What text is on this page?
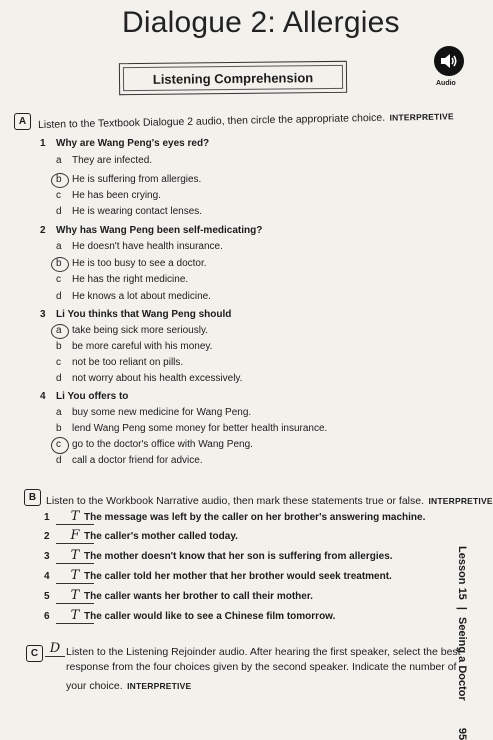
Dialogue 2: Allergies
Audio
Listening Comprehension
A	Listen to the Textbook Dialogue 2 audio, then circle the appropriate choice. INTERPRETIVE
1 Why are Wang Peng's eyes red?
a They are infected.
b He is suffering from allergies.
c He has been crying.
d He is wearing contact lenses.
2 Why has Wang Peng been self-medicating?
a He doesn't have health insurance.
b He is too busy to see a doctor.
c He has the right medicine.
d He knows a lot about medicine.
3 Li You thinks that Wang Peng should
a take being sick more seriously.
b be more careful with his money.
c not be too reliant on pills.
d not worry about his health excessively.
4 Li You offers to
a buy some new medicine for Wang Peng.
b lend Wang Peng some money for better health insurance.
c go to the doctor's office with Wang Peng.
d call a doctor friend for advice.
B Listen to the Workbook Narrative audio, then mark these statements true or false. INTERPRETIVE
1	T The message was left by the caller on her brother's answering machine.
2	F The caller's mother called today.
3	T The mother doesn't know that her son is suffering from allergies.
4	T The caller told her mother that her brother would seek treatment.
5	T The caller wants her brother to call their mother.
6	T The caller would like to see a Chinese film tomorrow.
C D Listen to the Listening Rejoinder audio. After hearing the first speaker, select the best
response from the four choices given by the second speaker. Indicate the number of
your choice. INTERPRETIVE
Lesson 15 | Seeing a Doctor 95
